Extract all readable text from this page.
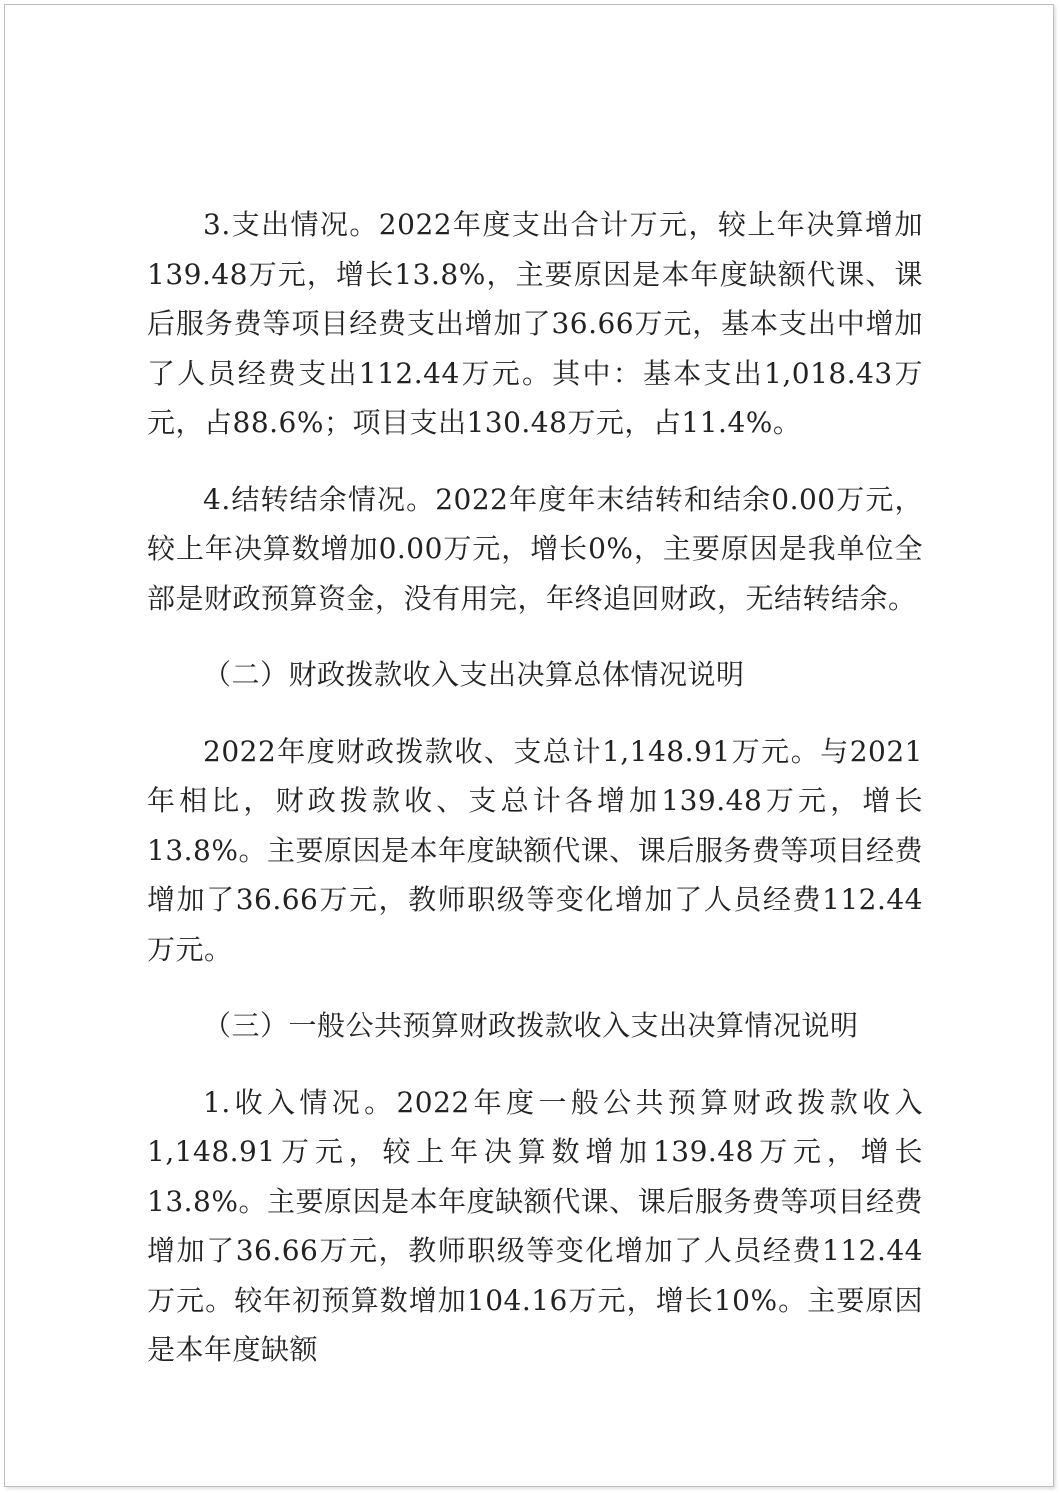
3.支出情况。2022年度支出合计万元，较上年决算增加139.48万元，增长13.8%，主要原因是本年度缺额代课、课后服务费等项目经费支出增加了36.66万元，基本支出中增加了人员经费支出112.44万元。其中：基本支出1,018.43万元，占88.6%；项目支出130.48万元，占11.4%。

4.结转结余情况。2022年度年末结转和结余0.00万元，较上年决算数增加0.00万元，增长0%，主要原因是我单位全部是财政预算资金，没有用完，年终追回财政，无结转结余。

（二）财政拨款收入支出决算总体情况说明

2022年度财政拨款收、支总计1,148.91万元。与2021年相比，财政拨款收、支总计各增加139.48万元，增长13.8%。主要原因是本年度缺额代课、课后服务费等项目经费增加了36.66万元，教师职级等变化增加了人员经费112.44万元。

（三）一般公共预算财政拨款收入支出决算情况说明

1.收入情况。2022年度一般公共预算财政拨款收入1,148.91万元，较上年决算数增加139.48万元，增长13.8%。主要原因是本年度缺额代课、课后服务费等项目经费增加了36.66万元，教师职级等变化增加了人员经费112.44万元。较年初预算数增加104.16万元，增长10%。主要原因是本年度缺额
